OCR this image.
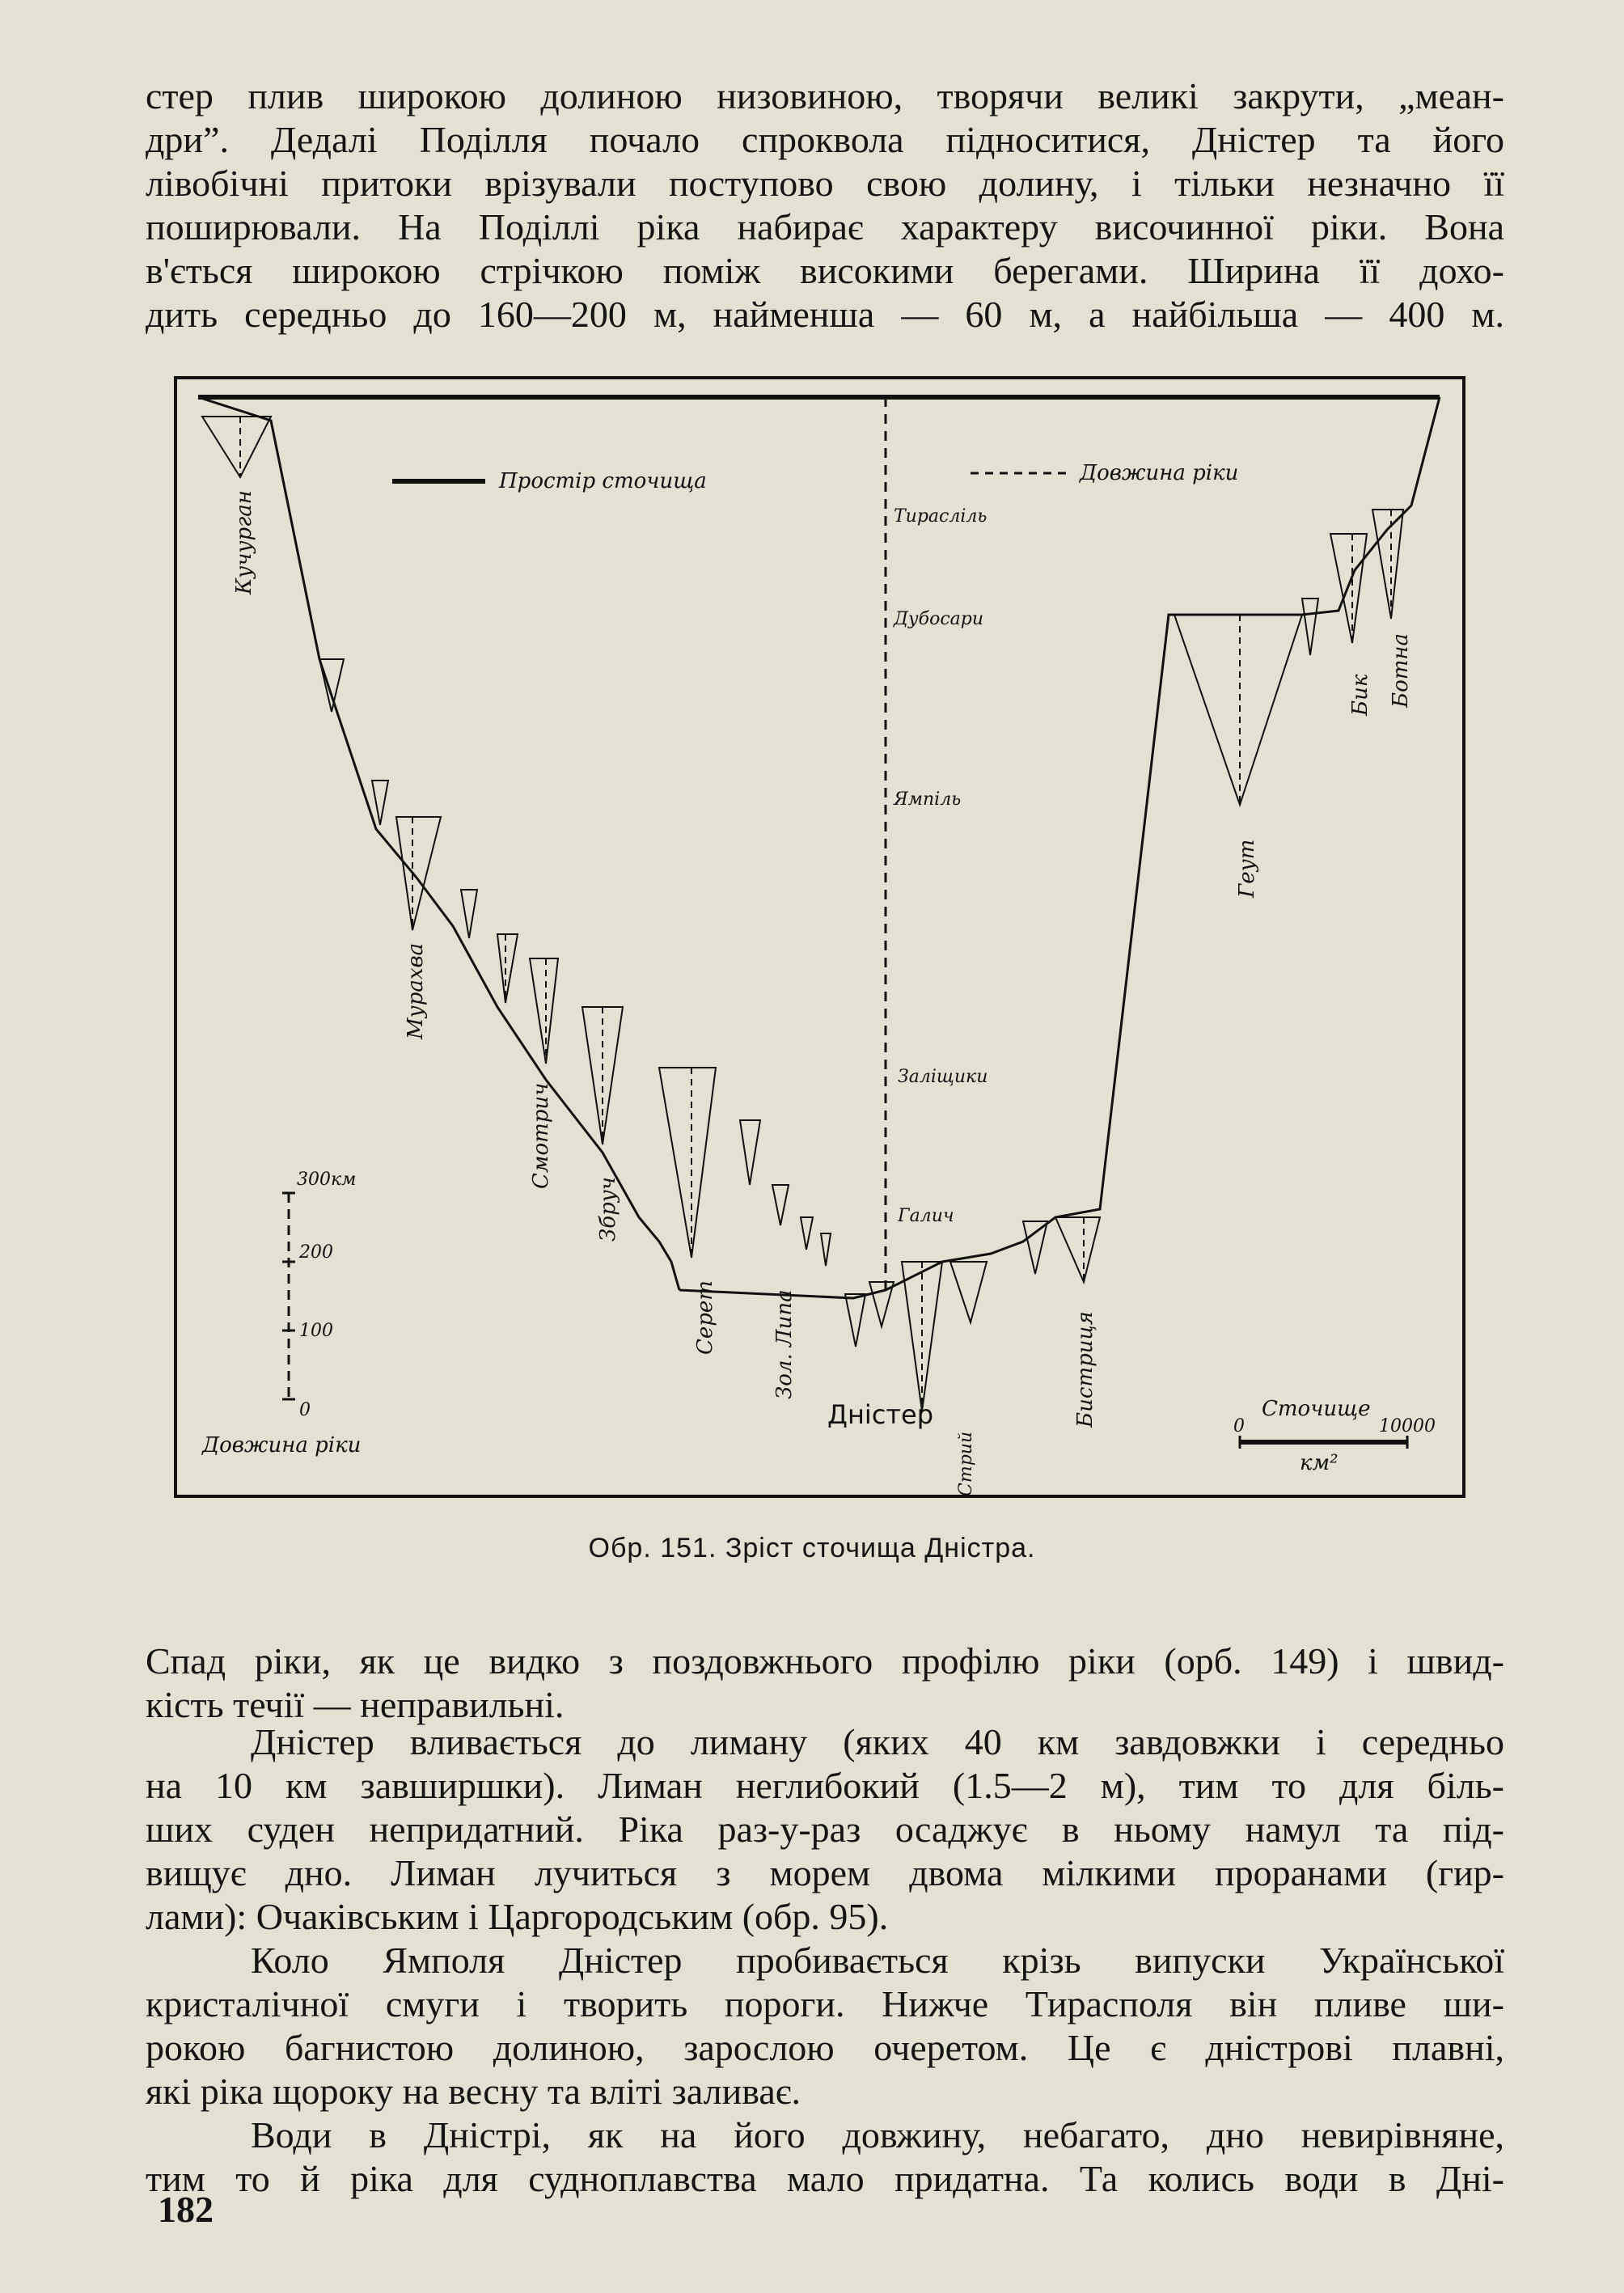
стер плив широкою долиною низовиною, творячи великі закрути, „меан-
дри”. Дедалі Поділля почало спроквола підноситися, Дністер та його
лівобічні притоки врізували поступово свою долину, і тільки незначно її
поширювали. На Поділлі ріка набирає характеру височинної ріки. Вона
в'ється широкою стрічкою поміж високими берегами. Ширина її дохо-
дить середньо до 160—200 м, найменша — 60 м, а найбільша — 400 м.
Простір сточища	Довжина ріки
Тирасліль
Дубосари
Ямпіль
Заліщики
Галич
Кучурган
Мурахва
Смотрич
Збруч
Серет	Зол. Липа
Стрий
Бистриця
Геут
Бик Ботна
Дністер
300км
200
100
0
Довжина ріки
Сточище
0	10000
км²
Обр. 151. Зріст сточища Дністра.
Спад ріки, як це видко з поздовжнього профілю ріки (орб. 149) і швид-
кість течії — неправильні.
Дністер вливається до лиману (яких 40 км завдовжки і середньо
на 10 км завширшки). Лиман неглибокий (1.5—2 м), тим то для біль-
ших суден непридатний. Ріка раз-у-раз осаджує в ньому намул та під-
вищує дно. Лиман лучиться з морем двома мілкими проранами (гир-
лами): Очаківським і Царгородським (обр. 95).
Коло Ямполя Дністер пробивається крізь випуски Української
кристалічної смуги і творить пороги. Нижче Тирасполя він пливе ши-
рокою багнистою долиною, зарослою очеретом. Це є дністрові плавні,
які ріка щороку на весну та вліті заливає.
Води в Дністрі, як на його довжину, небагато, дно невирівняне,
тим то й ріка для судноплавства мало придатна. Та колись води в Дні-
182
